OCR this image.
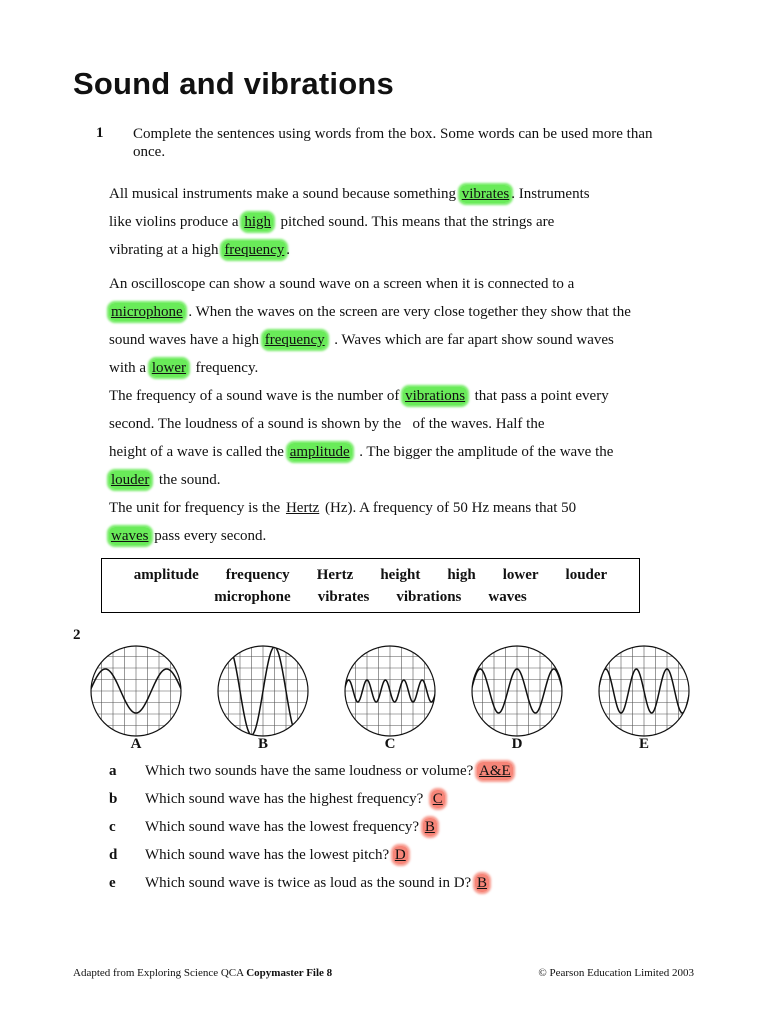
Sound and vibrations
1 Complete the sentences using words from the box. Some words can be used more than once.
All musical instruments make a sound because something vibrates . Instruments
like violins produce a high  pitched sound. This means that the strings are
vibrating at a high frequency .
An oscilloscope can show a sound wave on a screen when it is connected to a
microphone . When the waves on the screen are very close together they show that the
sound waves have a high frequency  . Waves which are far apart show sound waves
with a lower  frequency.
The frequency of a sound wave is the number of vibrations  that pass a point every
second. The loudness of a sound is shown by the   of the waves. Half the
height of a wave is called the amplitude  . The bigger the amplitude of the wave the
louder  the sound.
The unit for frequency is the Hertz (Hz). A frequency of 50 Hz means that 50
waves pass every second.
amplitude frequency Hertz height high lower louder
microphone vibrates vibrations waves
2
A	B	C	D	E
a Which two sounds have the same loudness or volume? A&E
b Which sound wave has the highest frequency?  C
c Which sound wave has the lowest frequency? B
d Which sound wave has the lowest pitch? D
e Which sound wave is twice as loud as the sound in D? B
Adapted from Exploring Science QCA Copymaster File 8	© Pearson Education Limited 2003
